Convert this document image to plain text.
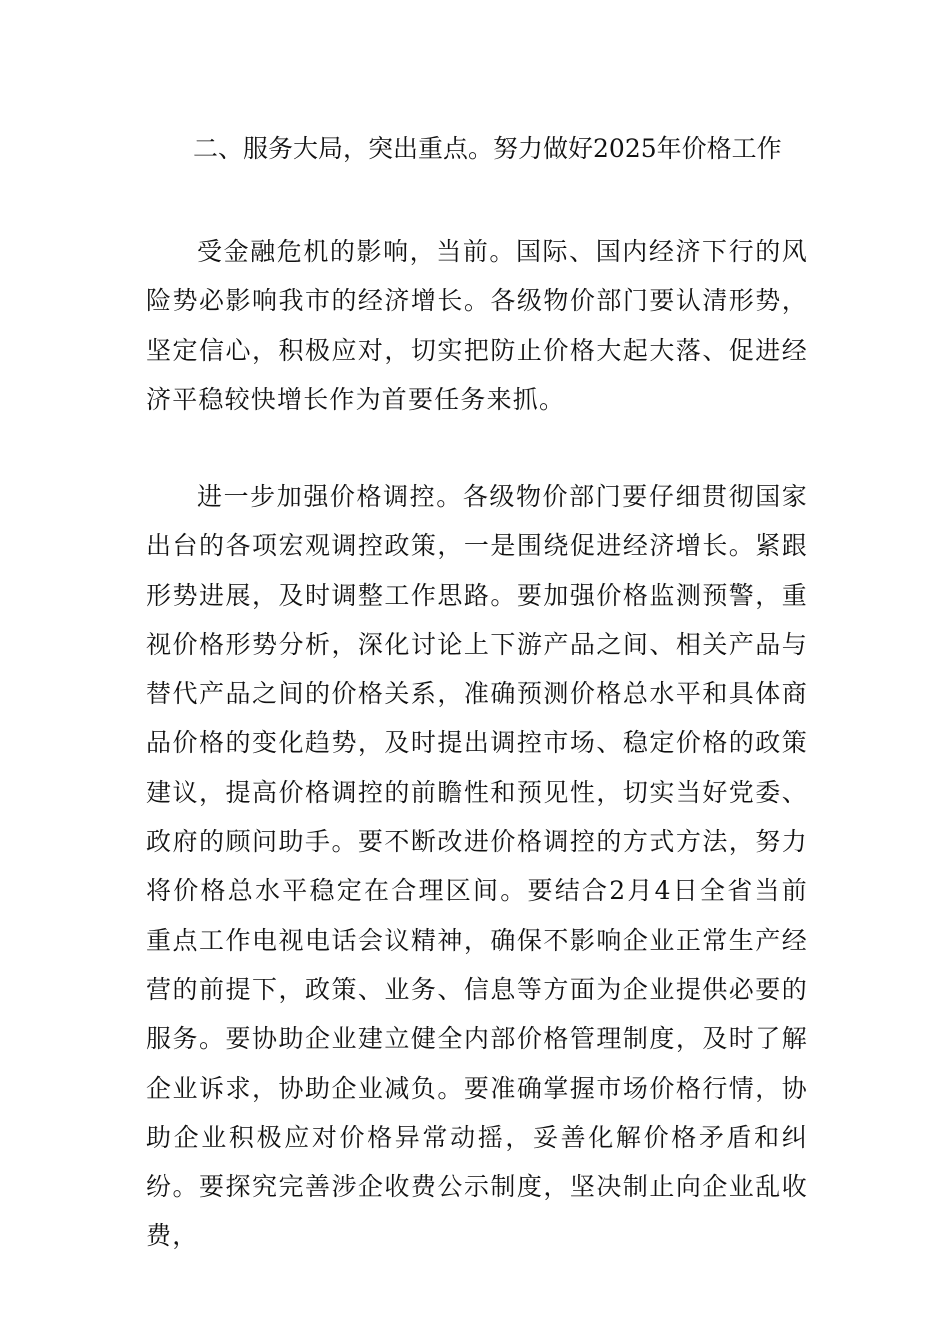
二、服务大局，突出重点。努力做好2025年价格工作

受金融危机的影响，当前。国际、国内经济下行的风险势必影响我市的经济增长。各级物价部门要认清形势，坚定信心，积极应对，切实把防止价格大起大落、促进经济平稳较快增长作为首要任务来抓。

进一步加强价格调控。各级物价部门要仔细贯彻国家出台的各项宏观调控政策，一是围绕促进经济增长。紧跟形势进展，及时调整工作思路。要加强价格监测预警，重视价格形势分析，深化讨论上下游产品之间、相关产品与替代产品之间的价格关系，准确预测价格总水平和具体商品价格的变化趋势，及时提出调控市场、稳定价格的政策建议，提高价格调控的前瞻性和预见性，切实当好党委、政府的顾问助手。要不断改进价格调控的方式方法，努力将价格总水平稳定在合理区间。要结合2月4日全省当前重点工作电视电话会议精神，确保不影响企业正常生产经营的前提下，政策、业务、信息等方面为企业提供必要的服务。要协助企业建立健全内部价格管理制度，及时了解企业诉求，协助企业减负。要准确掌握市场价格行情，协助企业积极应对价格异常动摇，妥善化解价格矛盾和纠纷。要探究完善涉企收费公示制度，坚决制止向企业乱收费，
